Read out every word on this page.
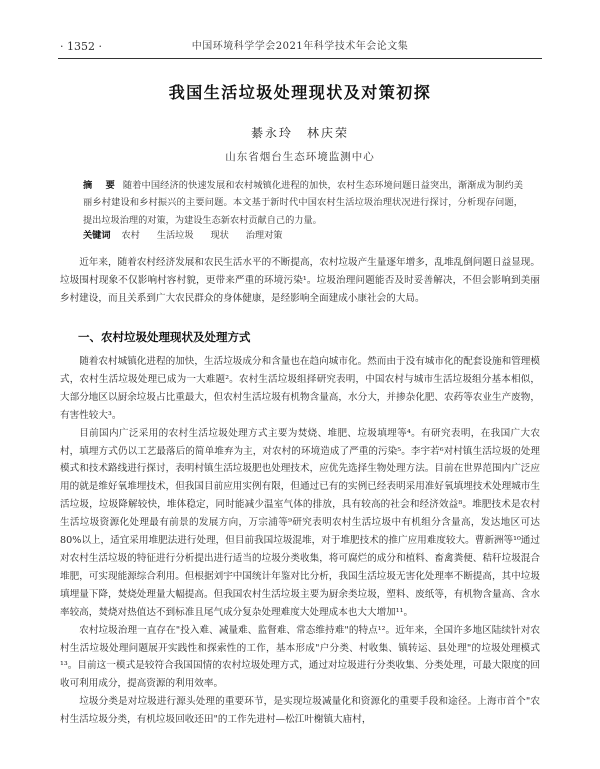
· 1352 ·	中国环境科学学会2021年科学技术年会论文集
我国生活垃圾处理现状及对策初探
綦永玲　林庆荣
山东省烟台生态环境监测中心
摘　要 随着中国经济的快速发展和农村城镇化进程的加快，农村生态环境问题日益突出，渐渐成为制约美丽乡村建设和乡村振兴的主要问题。本文基于新时代中国农村生活垃圾治理状况进行探讨，分析现存问题，提出垃圾治理的对策，为建设生态新农村贡献自己的力量。
关键词 农村 生活垃圾 现状 治理对策

近年来，随着农村经济发展和农民生活水平的不断提高，农村垃圾产生量逐年增多，乱堆乱倒问题日益显现。垃圾围村现象不仅影响村容村貌，更带来严重的环境污染¹。垃圾治理问题能否及时妥善解决，不但会影响到美丽乡村建设，而且关系到广大农民群众的身体健康，是经影响全面建成小康社会的大局。

一、农村垃圾处理现状及处理方式

随着农村城镇化进程的加快，生活垃圾成分和含量也在趋向城市化。然而由于没有城市化的配套设施和管理模式，农村生活垃圾处理已成为一大难题²。农村生活垃圾组择研究表明，中国农村与城市生活垃圾组分基本相似，大部分地区以厨余垃圾占比重最大，但农村生活垃圾有机物含量高，水分大，并掺杂化肥、农药等农业生产废物，有害性较大³。

目前国内广泛采用的农村生活垃圾处理方式主要为焚烧、堆肥、垃圾填埋等⁴。有研究表明，在我国广大农村，填埋方式仍以工艺最落后的简单堆弃为主，对农村的环境造成了严重的污染⁵。李宇若⁶对村镇生活垃圾的处理模式和技术路线进行探讨，表明村镇生活垃圾肥也处理技术，应优先选择生物处理方法。目前在世界范围内广泛应用的就是维好氧堆埋技术，但我国目前应用实例有限，但通过已有的实例已经表明采用准好氧填埋技术处理城市生活垃圾，垃圾降解较快，堆体稳定，同时能减少温室气体的排放，具有较高的社会和经济效益⁸。堆肥技术是农村生活垃圾资源化处理最有前景的发展方向，万宗浦等⁹研究表明农村生活垃圾中有机组分含量高，发达地区可达80%以上，适宜采用堆肥法进行处理，但目前我国垃圾混堆，对于堆肥技术的推广应用难度较大。曹新洲等¹⁰通过对农村生活垃圾的特征进行分析提出进行适当的垃圾分类收集，将可腐烂的成分和植料、畜禽粪便、秸秆垃圾混合堆肥，可实现能源综合利用。但根据刘宇中国统计年鉴对比分析，我国生活垃圾无害化处理率不断提高，其中垃圾填埋量下降，焚烧处理量大幅提高。但我国农村生活垃圾主要为厨余类垃圾，塑料、废纸等，有机物含量高、含水率较高，焚烧对热值达不到标准且尾气成分复杂处理难度大处理成本也大大增加¹¹。

农村垃圾治理一直存在"投入难、减量难、监督难、常态维持难"的特点¹²。近年来，全国许多地区陆续针对农村生活垃圾处理问题展开实践性和探索性的工作，基本形成"户分类、村收集、镇转运、县处理"的垃圾处理模式¹³。目前这一模式是较符合我国国情的农村垃圾处理方式，通过对垃圾进行分类收集、分类处理，可最大限度的回收可利用成分，提高资源的利用效率。

垃圾分类是对垃圾进行源头处理的重要环节，是实现垃圾减量化和资源化的重要手段和途径。上海市首个"农村生活垃圾分类，有机垃圾回收还田"的工作先进村—松江叶榭镇大庙村，
